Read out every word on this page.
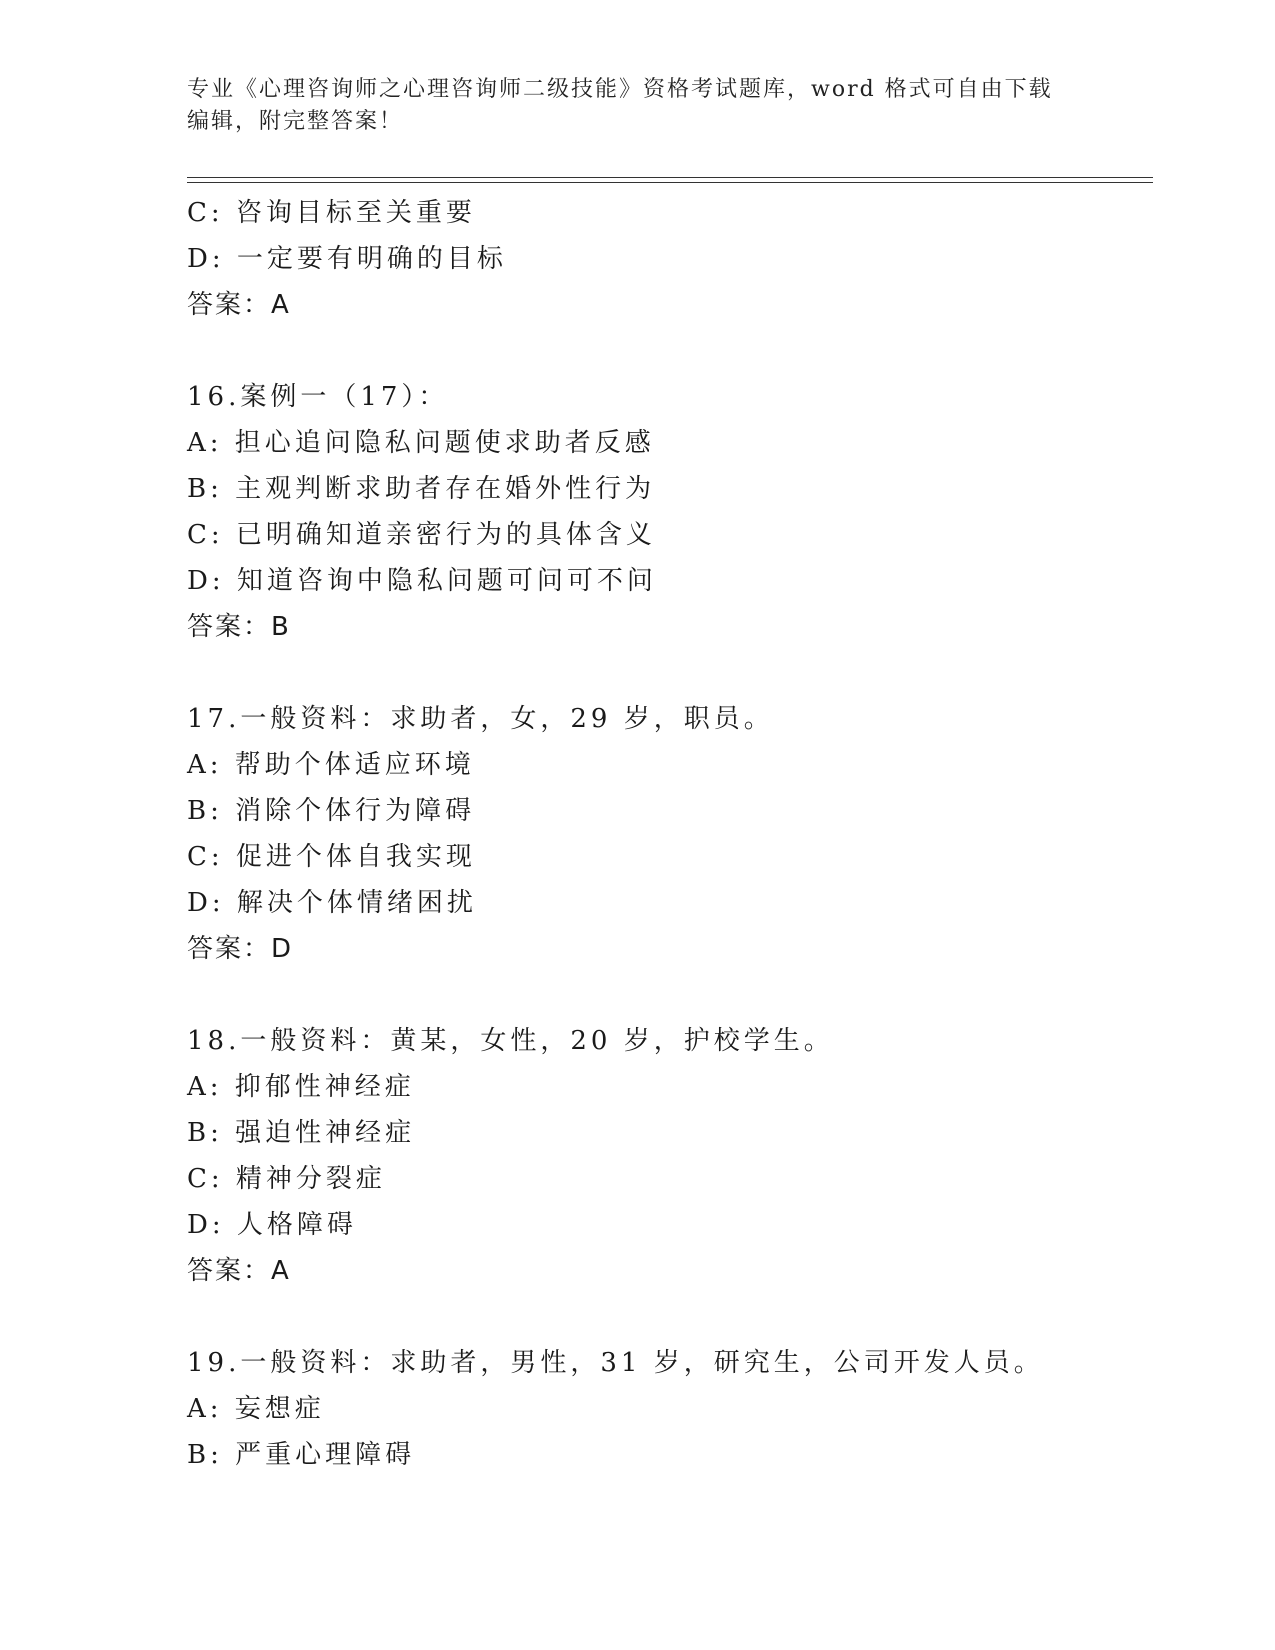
专业《心理咨询师之心理咨询师二级技能》资格考试题库，word 格式可自由下载
编辑，附完整答案！
C: 咨询目标至关重要
D: 一定要有明确的目标
答案：A
16.案例一（17）：
A: 担心追问隐私问题使求助者反感
B: 主观判断求助者存在婚外性行为
C: 已明确知道亲密行为的具体含义
D: 知道咨询中隐私问题可问可不问
答案：B
17.一般资料：求助者，女，29 岁，职员。
A: 帮助个体适应环境
B: 消除个体行为障碍
C: 促进个体自我实现
D: 解决个体情绪困扰
答案：D
18.一般资料：黄某，女性，20 岁，护校学生。
A: 抑郁性神经症
B: 强迫性神经症
C: 精神分裂症
D: 人格障碍
答案：A
19.一般资料：求助者，男性，31 岁，研究生，公司开发人员。
A: 妄想症
B: 严重心理障碍
